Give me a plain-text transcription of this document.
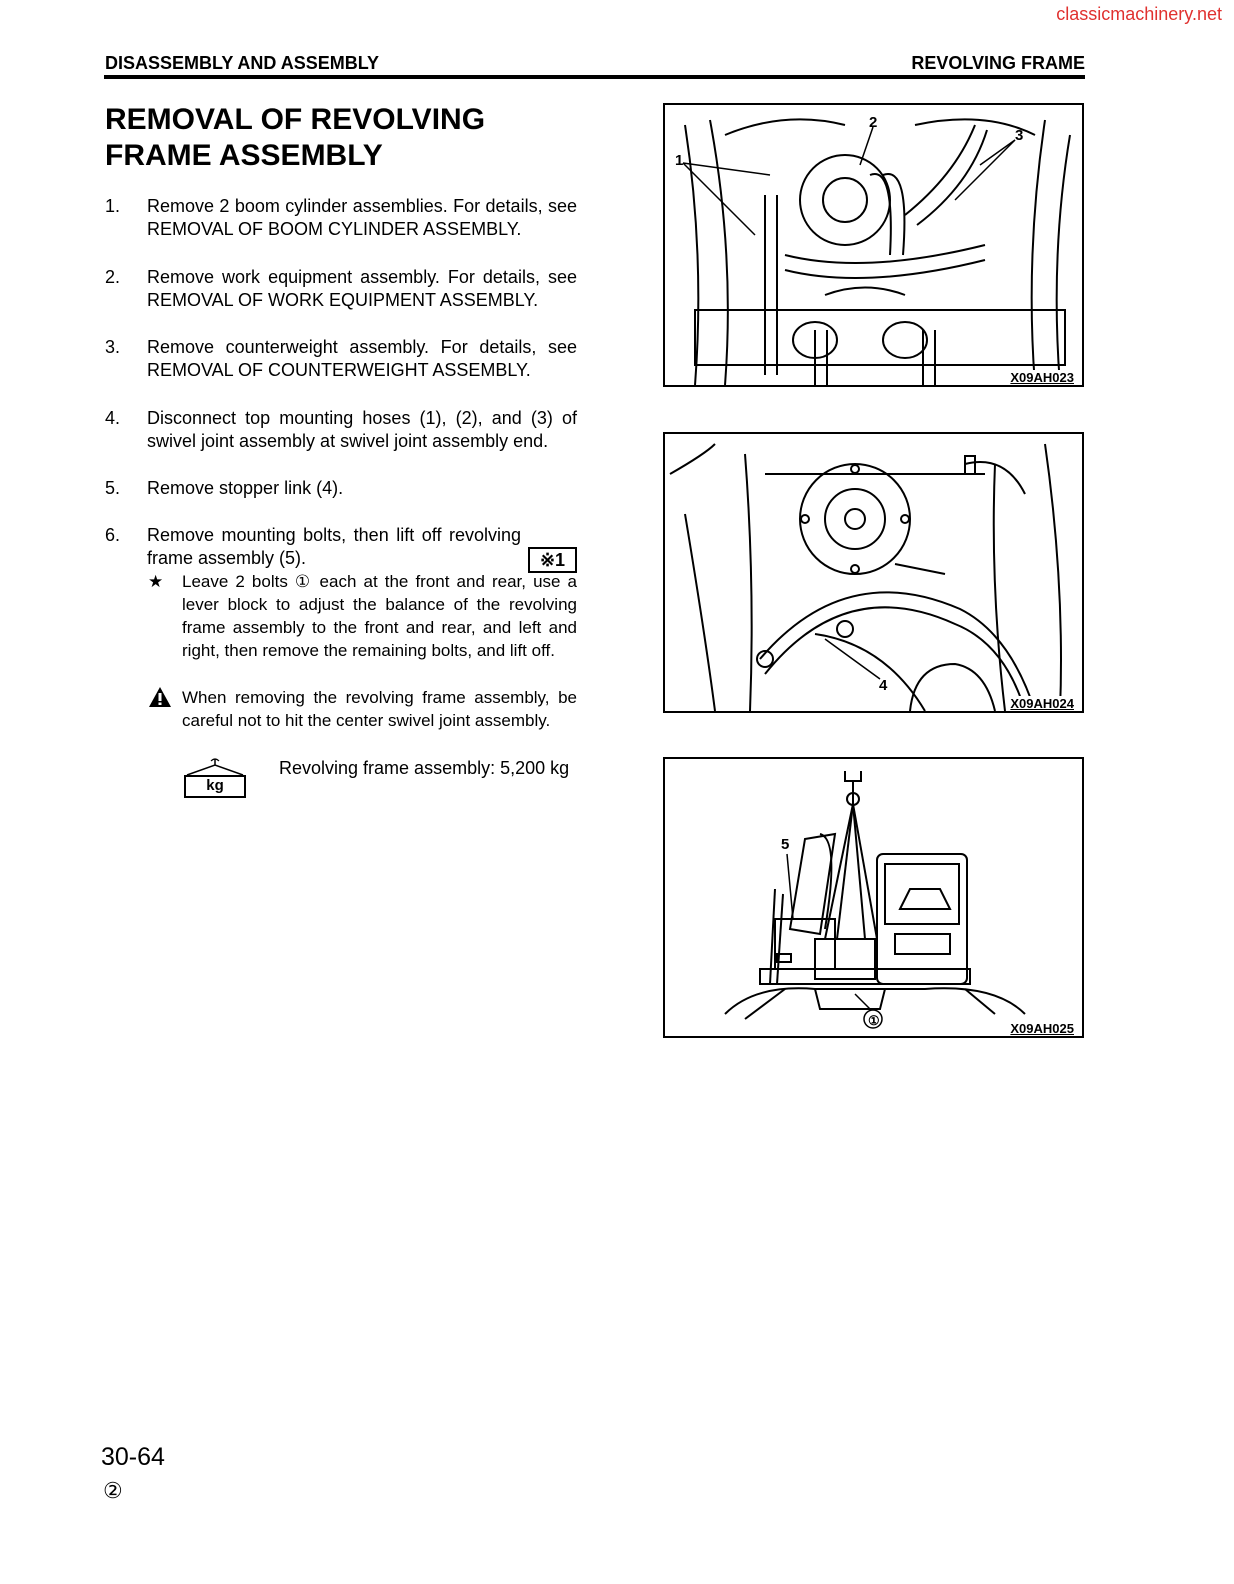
classicmachinery.net
DISASSEMBLY AND ASSEMBLY	REVOLVING FRAME
REMOVAL OF REVOLVING FRAME ASSEMBLY
1. Remove 2 boom cylinder assemblies. For details, see REMOVAL OF BOOM CYLINDER ASSEMBLY.
2. Remove work equipment assembly. For details, see REMOVAL OF WORK EQUIPMENT ASSEMBLY.
3. Remove counterweight assembly. For details, see REMOVAL OF COUNTERWEIGHT ASSEMBLY.
4. Disconnect top mounting hoses (1), (2), and (3) of swivel joint assembly at swivel joint assembly end.
5. Remove stopper link (4).
6. Remove mounting bolts, then lift off revolving frame assembly (5).	※1
★ Leave 2 bolts ① each at the front and rear, use a lever block to adjust the balance of the revolving frame assembly to the front and rear, and left and right, then remove the remaining bolts, and lift off.
When removing the revolving frame assembly, be careful not to hit the center swivel joint assembly.
kg
Revolving frame assembly: 5,200 kg
1
2
3
X09AH023
4
X09AH024
①
5
X09AH025
30-64
②
